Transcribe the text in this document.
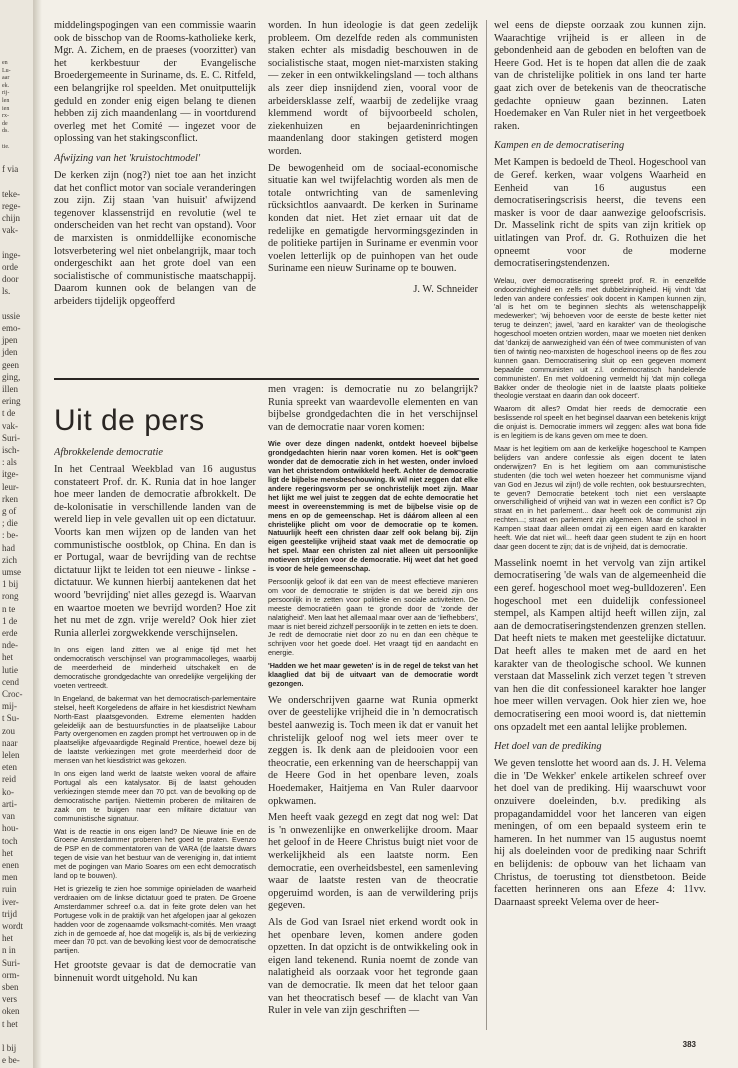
en
Lu-
aar
ek.
rij-
len
ien
rx-
de
ds.

tie.

f via

teke-
rege-
chijn
vak-

inge-
orde
door
ls.

ussie
emo-
jpen
jden
geen
ging,
illen
ering
t de
vak-
Suri-
isch-
: als
itge-
leur-
rken
g of
; die
: be-
had
zich
umse
1 bij
rong
n te
1 de
erde
nde-
het
lutie
cend
Croc-
mij-
t Su-
zou
naar
lelen
eten
reid
ko-
arti-
van
hou-
toch
het
enen
men
ruin
iver-
trijd
wordt
het
n in
Suri-
orm-
sben
vers
oken
t het

l bij
e be-

middelingspogingen van een commissie waarin ook de bisschop van de Rooms-katholieke kerk, Mgr. A. Zichem, en de praeses (voorzitter) van het kerkbestuur der Evangelische Broedergemeente in Suriname, ds. E. C. Ritfeld, een belangrijke rol speelden. Met onuitputtelijk geduld en zonder enig eigen belang te dienen hebben zij zich maandenlang — in voortdurend overleg met het Comité — ingezet voor de oplossing van het stakingsconflict.

Afwijzing van het 'kruistochtmodel'

De kerken zijn (nog?) niet toe aan het inzicht dat het conflict motor van sociale veranderingen zou zijn. Zij staan 'van huisuit' afwijzend tegenover klassenstrijd en revolutie (wel te onderscheiden van het recht van opstand). Voor de marxisten is onmiddellijke economische lotsverbetering wel niet onbelangrijk, maar toch ondergeschikt aan het grote doel van een socialistische of communistische maatschappij. Daarom kunnen ook de belangen van de arbeiders tijdelijk opgeofferd

worden. In hun ideologie is dat geen zedelijk probleem. Om dezelfde reden als communisten staken echter als misdadig beschouwen in de socialistische staat, mogen niet-marxisten staking — zeker in een ontwikkelingsland — toch althans als zeer diep insnijdend zien, vooral voor de arbeidersklasse zelf, waarbij de zedelijke vraag klemmend wordt of bijvoorbeeld scholen, ziekenhuizen en bejaardeninrichtingen maandenlang door stakingen getisterd mogen worden.

De bewogenheid om de sociaal-economische situatie kan wel twijfelachtig worden als men de totale ontwrichting van de samenleving rücksichtlos aanvaardt. De kerken in Suriname konden dat niet. Het ziet ernaar uit dat de redelijke en gematigde hervormingsgezinden in de politieke partijen in Suriname er evenmin voor voelen letterlijk op de puinhopen van het oude Suriname een nieuw Suriname op te bouwen.

J. W. Schneider
Uit de pers
Afbrokkelende democratie

In het Centraal Weekblad van 16 augustus constateert Prof. dr. K. Runia dat in hoe langer hoe meer landen de democratie afbrokkelt. De de-kolonisatie in verschillende landen van de wereld liep in vele gevallen uit op een dictatuur. Voorts kan men wijzen op de landen van het communistische oostblok, op China. En dan is er Portugal, waar de bevrijding van de rechtse dictatuur lijkt te leiden tot een nieuwe - linkse - dictatuur. We kunnen hierbij aantekenen dat het woord 'bevrijding' niet alles gezegd is. Waarvan en waartoe moeten we bevrijd worden? Hoe zit het nu met de zgn. vrije wereld? Ook hier ziet Runia allerlei zorgwekkende verschijnselen.

In ons eigen land zitten we al enige tijd met het ondemocratisch verschijnsel van programmacolleges, waarbij de meerderheid de minderheid uitschakelt en de democratische grondgedachte van onredelijke vergelijking der voeten vertreedt.

In Engeland, de bakermat van het democratisch-parlementaire stelsel, heeft Korgeledens de affaire in het kiesdistrict Newham North-East plaatsgevonden. Extreme elementen hadden geleidelijk aan de bestuursfuncties in de plaatselijke Labour Party overgenomen en zagden prompt het vertrouwen op in de plaatselijke afgevaardigde Reginald Prentice, hoewel deze bij de laatste verkiezingen met grote meerderheid door de mensen van het kiesdistrict was gekozen.

In ons eigen land werkt de laatste weken vooral de affaire Portugal als een katalysator. Bij de laatst gehouden verkiezingen stemde meer dan 70 pct. van de bevolking op de democratische partijen. Niettemin proberen de militairen de zaak om te buigen naar een militaire dictatuur van communistische signatuur.

Wat is de reactie in ons eigen land? De Nieuwe linie en de Groene Amsterdammer proberen het goed te praten. Evenzo de PSP en de commentatoren van de VARA (de laatste dwars tegen de visie van het bestuur van de vereniging in, dat intiemt met de pogingen van Mario Soares om een echt democratisch land op te bouwen).

Het is griezelig te zien hoe sommige opinieladen de waarheid verdraaien om de linkse dictatuur goed te praten. De Groene Amsterdammer schreef o.a. dat in feite grote delen van het Portugese volk in de praktijk van het afgelopen jaar al gekozen hadden voor de zogenaamde volksmacht-comités. Men vraagt zich in de gemoede af, hoe dat mogelijk is, als bij de verkiezing meer dan 70 pct. van de bevolking kiest voor de democratische partijen.

Het grootste gevaar is dat de democratie van binnenuit wordt uitgehold. Nu kan

men vragen: is democratie nu zo belangrijk? Runia spreekt van waardevolle elementen en van bijbelse grondgedachten die in het verschijnsel van de democratie naar voren komen:

Wie over deze dingen nadenkt, ontdekt hoeveel bijbelse grondgedachten hierin naar voren komen. Het is ook geen wonder dat de democratie zich in het westen, onder invloed van het christendom ontwikkeld heeft. Achter de democratie ligt de bijbelse mensbeschouwing. Ik wil niet zeggen dat elke andere regeringsvorm per se onchristelijk moet zijn. Maar het lijkt me wel juist te zeggen dat de echte democratie het meest in overeenstemming is met de bijbelse visie op de mens en op de gemeenschap. Het is dáárom alleen al een christelijke plicht om voor de democratie op te komen. Natuurlijk heeft een christen daar zelf ook belang bij. Zijn eigen geestelijke vrijheid staat vaak met de democratie op het spel. Maar een christen zal niet alleen uit persoonlijke motieven strijden voor de democratie. Hij weet dat het goed is voor de hele gemeenschap.

Persoonlijk geloof ik dat een van de meest effectieve manieren om voor de democratie te strijden is dat we bereid zijn ons persoonlijk in te zetten voor politieke en sociale activiteiten. De meeste democratieën gaan te gronde door de 'zonde der nalatigheid'. Men laat het allemaal maar over aan de 'liefhebbers', maar is niet bereid zichzelf persoonlijk in te zetten en iets te doen. Je redt de democratie niet door zo nu en dan een chèque te schrijven voor het goede doel. Het vraagt tijd en aandacht en energie.

'Hadden we het maar geweten' is in de regel de tekst van het klaaglied dat bij de uitvaart van de democratie wordt gezongen.

We onderschrijven gaarne wat Runia opmerkt over de geestelijke vrijheid die in 'n democratisch bestel aanwezig is. Toch meen ik dat er vanuit het christelijk geloof nog wel iets meer over te zeggen is. Ik denk aan de pleidooien voor een theocratie, een erkenning van de heerschappij van de Heere God in het openbare leven, zoals Hoedemaker, Haitjema en Van Ruler daarvoor opkwamen.

Men heeft vaak gezegd en zegt dat nog wel: Dat is 'n onwezenlijke en onwerkelijke droom. Maar het geloof in de Heere Christus buigt niet voor de werkelijkheid als een laatste norm. Een democratie, een overheidsbestel, een samenleving waar de laatste resten van de theocratie opgeruimd worden, is aan de verwildering prijs gegeven.

Als de God van Israel niet erkend wordt ook in het openbare leven, komen andere goden opzetten. In dat opzicht is de ontwikkeling ook in eigen land tekenend. Runia noemt de zonde van nalatigheid als oorzaak voor het tegronde gaan van de democratie. Ik meen dat het teloor gaan van het theocratisch besef — de klacht van Van Ruler in vele van zijn geschriften —

wel eens de diepste oorzaak zou kunnen zijn. Waarachtige vrijheid is er alleen in de gebondenheid aan de geboden en beloften van de Heere God. Het is te hopen dat allen die de zaak van de christelijke politiek in ons land ter harte gaat zich over de betekenis van de theocratische gedachte opnieuw gaan bezinnen. Laten Hoedemaker en Van Ruler niet in het vergeetboek raken.

Kampen en de democratisering

Met Kampen is bedoeld de Theol. Hogeschool van de Geref. kerken, waar volgens Waarheid en Eenheid van 16 augustus een democratiseringscrisis heerst, die tevens een masker is voor de daar aanwezige geloofscrisis. Dr. Masselink richt de spits van zijn kritiek op uitlatingen van Prof. dr. G. Rothuizen die het opneemt voor de moderne democratiseringstendenzen.

Welau, over democratisering spreekt prof. R. in eenzelfde ondoorzichtigheid en zelfs met dubbelzinnigheid. Hij vindt 'dat leden van andere confessies' ook docent in Kampen kunnen zijn, 'al is het om te beginnen slechts als wetenschappelijk medewerker'; 'wij behoeven voor de eerste de beste ketter niet terug te deinzen'; jawel, 'aard en karakter' van de theologische hogeschool moeten ontzien worden, maar we moeten niet denken dat 'dankzij de aanwezigheid van één of twee communisten of van tien of twintig neo-marxisten de hogeschool ineens op de fles zou kunnen gaan. Democratisering sluit op een gegeven moment bepaalde communisten uit z.l. ondemocratisch handelende communisten'. En met voldoening vermeldt hij 'dat mijn collega Bakker onder de theologie niet in de laatste plaats politieke theologie verstaat en daarin dan ook doceert'.

Waarom dit alles? Omdat hier reeds de democratie een beslissende rol speelt en het beginsel daarvan een betekenis krijgt die onjuist is. Democratie immers wil zeggen: alles wat bona fide is en legitiem is de kans geven om mee te doen.

Maar is het legitiem om aan de kerkelijke hogeschool te Kampen belijders van andere confessie als eigen docent te laten onderwijzen? En is het legitiem om aan communistische studenten (die toch wel weten hoezeer het communisme vijand van God en Jezus wil zijn!) de volle rechten, ook bestuursrechten, te geven? Democratie betekent toch niet een verslaapte onverschilligheid of vrijheid van wat in wezen een conflict is? Op straat en in het parlement... daar heeft ook de communist zijn rechten...; straat en parlement zijn algemeen. Maar de school in Kampen staat daar alleen omdat zij een eigen aard en karakter heeft. Wie dat niet wil... heeft daar geen student te zijn en hoort daar geen docent te zijn; dat is de vrijheid, dat is democratie.

Masselink noemt in het vervolg van zijn artikel democratisering 'de wals van de algemeenheid die een geref. hogeschool moet weg-bulldozeren'. Een hogeschool met een duidelijk confessioneel stempel, als Kampen altijd heeft willen zijn, zal aan de democratiseringstendenzen grenzen stellen. Dat heeft niets te maken met geestelijke dictatuur. Dat heeft alles te maken met de aard en het karakter van de theologische school. We kunnen verstaan dat Masselink zich verzet tegen 't streven van hen die dit confessioneel karakter hoe langer hoe meer willen vervagen. Ook hier zien we, hoe democratisering een mooi woord is, dat niettemin ons opzadelt met een aantal lelijke problemen.

Het doel van de prediking

We geven tenslotte het woord aan ds. J. H. Velema die in 'De Wekker' enkele artikelen schreef over het doel van de prediking. Hij waarschuwt voor onzuivere doeleinden, b.v. prediking als propagandamiddel voor het lanceren van eigen meningen, of om een bepaald systeem erin te hameren. In het nummer van 15 augustus noemt hij als doeleinden voor de prediking naar Schrift en belijdenis: de opbouw van het lichaam van Christus, de toerusting tot dienstbetoon. Beide facetten herinneren ons aan Efeze 4: 11vv. Daarnaast spreekt Velema over de heer-

383
